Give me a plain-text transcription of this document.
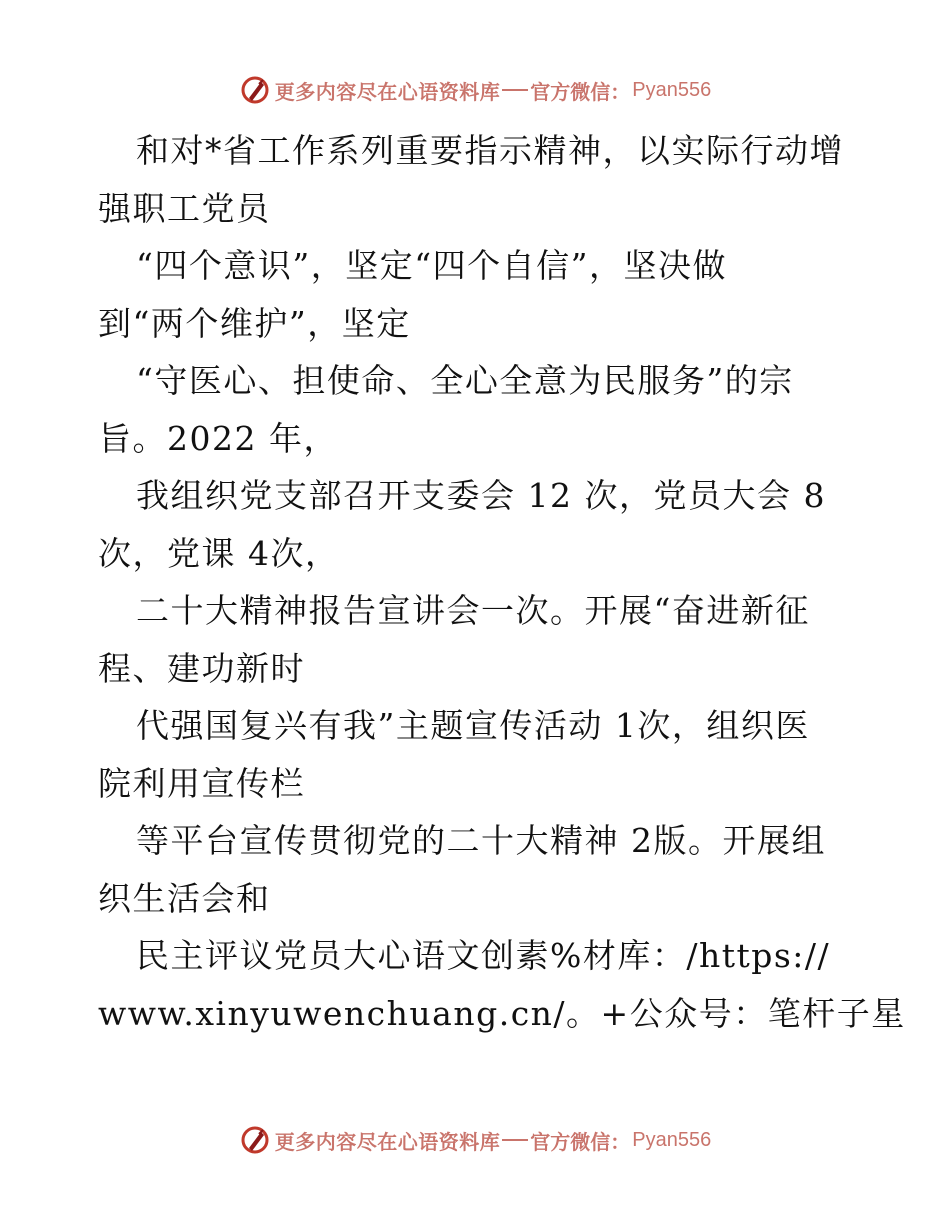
更多内容尽在心语资料库 官方微信： Pyan556
和对*省工作系列重要指示精神，以实际行动增
强职工党员
“四个意识”，坚定“四个自信”，坚决做
到“两个维护”，坚定
“守医心、担使命、全心全意为民服务”的宗
旨。2022 年，
我组织党支部召开支委会 12 次，党员大会 8
次，党课 4次，
二十大精神报告宣讲会一次。开展“奋进新征
程、建功新时
代强国复兴有我”主题宣传活动 1次，组织医
院利用宣传栏
等平台宣传贯彻党的二十大精神 2版。开展组
织生活会和
民主评议党员大心语文创素%材库：/https://
www.xinyuwenchuang.cn/。+公众号：笔杆子星
更多内容尽在心语资料库 官方微信： Pyan556
